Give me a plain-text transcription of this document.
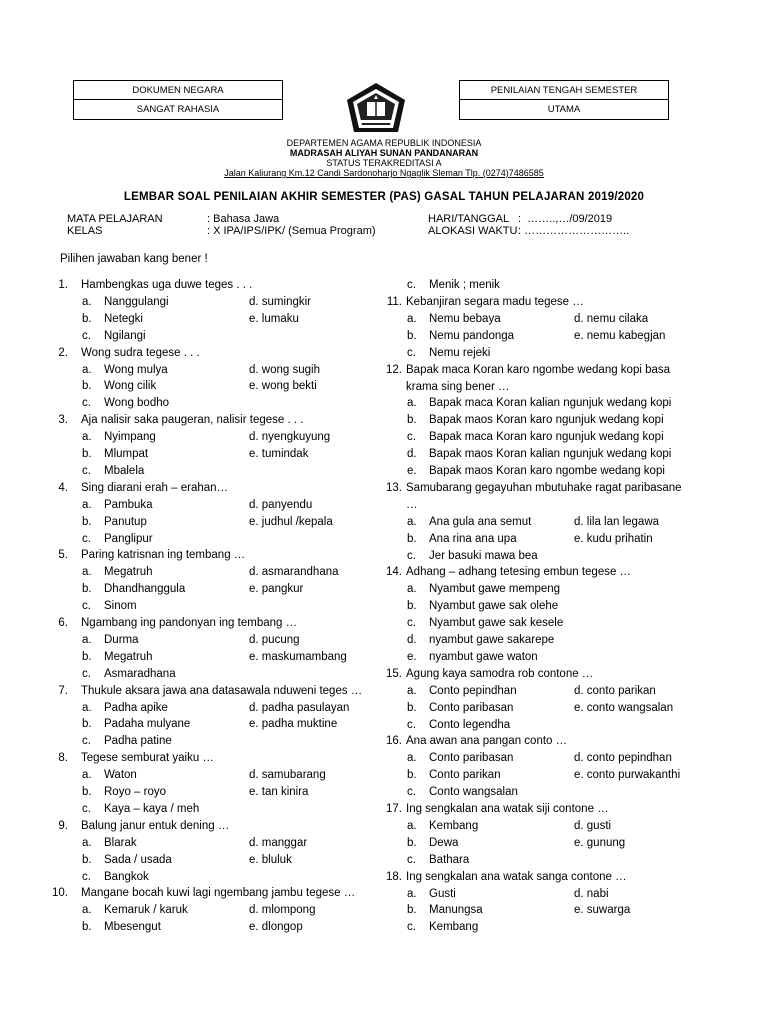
DOKUMEN NEGARA
SANGAT RAHASIA
PENILAIAN TENGAH SEMESTER
UTAMA
DEPARTEMEN AGAMA REPUBLIK INDONESIA
MADRASAH ALIYAH SUNAN PANDANARAN
STATUS TERAKREDITASI A
Jalan Kaliurang Km.12 Candi Sardonoharjo Ngaglik Sleman Tlp. (0274)7486585
LEMBAR SOAL PENILAIAN AKHIR SEMESTER (PAS) GASAL TAHUN PELAJARAN 2019/2020
MATA PELAJARAN	: Bahasa Jawa
KELAS	: X IPA/IPS/IPK/ (Semua Program)
HARI/TANGGAL :  ……..,…/09/2019
ALOKASI WAKTU : ………………………..
Pilihen jawaban kang bener !
c. Menik ; menik
1. Hambengkas uga duwe teges . . .
a. Nanggulangi	d. sumingkir
b. Netegki	e. lumaku
c. Ngilangi
2. Wong sudra tegese . . .
a. Wong mulya	d. wong sugih
b. Wong cilik	e. wong bekti
c. Wong bodho
3. Aja nalisir saka paugeran, nalisir tegese . . .
a. Nyimpang	d. nyengkuyung
b. Mlumpat	e. tumindak
c. Mbalela
4. Sing diarani erah – erahan…
a. Pambuka	d. panyendu
b. Panutup	e. judhul /kepala
c. Panglipur
5. Paring katrisnan ing tembang …
a. Megatruh	d. asmarandhana
b. Dhandhanggula	e. pangkur
c. Sinom
6. Ngambang ing pandonyan ing tembang …
a. Durma	d. pucung
b. Megatruh	e. maskumambang
c. Asmaradhana
7. Thukule aksara jawa ana datasawala nduweni teges …
a. Padha apike	d. padha pasulayan
b. Padaha mulyane	e. padha muktine
c. Padha patine
8. Tegese semburat yaiku …
a. Waton	d. samubarang
b. Royo – royo	e. tan kinira
c. Kaya – kaya / meh
9. Balung janur entuk dening …
a. Blarak	d. manggar
b. Sada / usada	e. bluluk
c. Bangkok
10. Mangane bocah kuwi lagi ngembang jambu tegese …
a. Kemaruk / karuk	d. mlompong
b. Mbesengut	e. dlongop
11. Kebanjiran segara madu tegese …
a. Nemu bebaya	d. nemu cilaka
b. Nemu pandonga	e. nemu kabegjan
c. Nemu rejeki
12. Bapak maca Koran karo ngombe wedang kopi basa
krama sing bener …
a. Bapak maca Koran kalian ngunjuk wedang kopi
b. Bapak maos Koran karo ngunjuk wedang kopi
c. Bapak maca Koran karo ngunjuk wedang kopi
d. Bapak maos Koran kalian ngunjuk wedang kopi
e. Bapak maos Koran karo ngombe wedang kopi
13. Samubarang gegayuhan mbutuhake ragat paribasane
…
a. Ana gula ana semut	d. lila lan legawa
b. Ana rina ana upa	e. kudu prihatin
c. Jer basuki mawa bea
14. Adhang – adhang tetesing embun tegese …
a. Nyambut gawe mempeng
b. Nyambut gawe sak olehe
c. Nyambut gawe sak kesele
d. nyambut gawe sakarepe
e. nyambut gawe waton
15. Agung kaya samodra rob contone …
a. Conto pepindhan	d. conto parikan
b. Conto paribasan	e. conto wangsalan
c. Conto legendha
16. Ana awan ana pangan conto …
a. Conto paribasan	d. conto pepindhan
b. Conto parikan	e. conto purwakanthi
c. Conto wangsalan
17. Ing sengkalan ana watak siji contone …
a. Kembang	d. gusti
b. Dewa	e. gunung
c. Bathara
18. Ing sengkalan ana watak sanga contone …
a. Gusti	d. nabi
b. Manungsa	e. suwarga
c. Kembang
